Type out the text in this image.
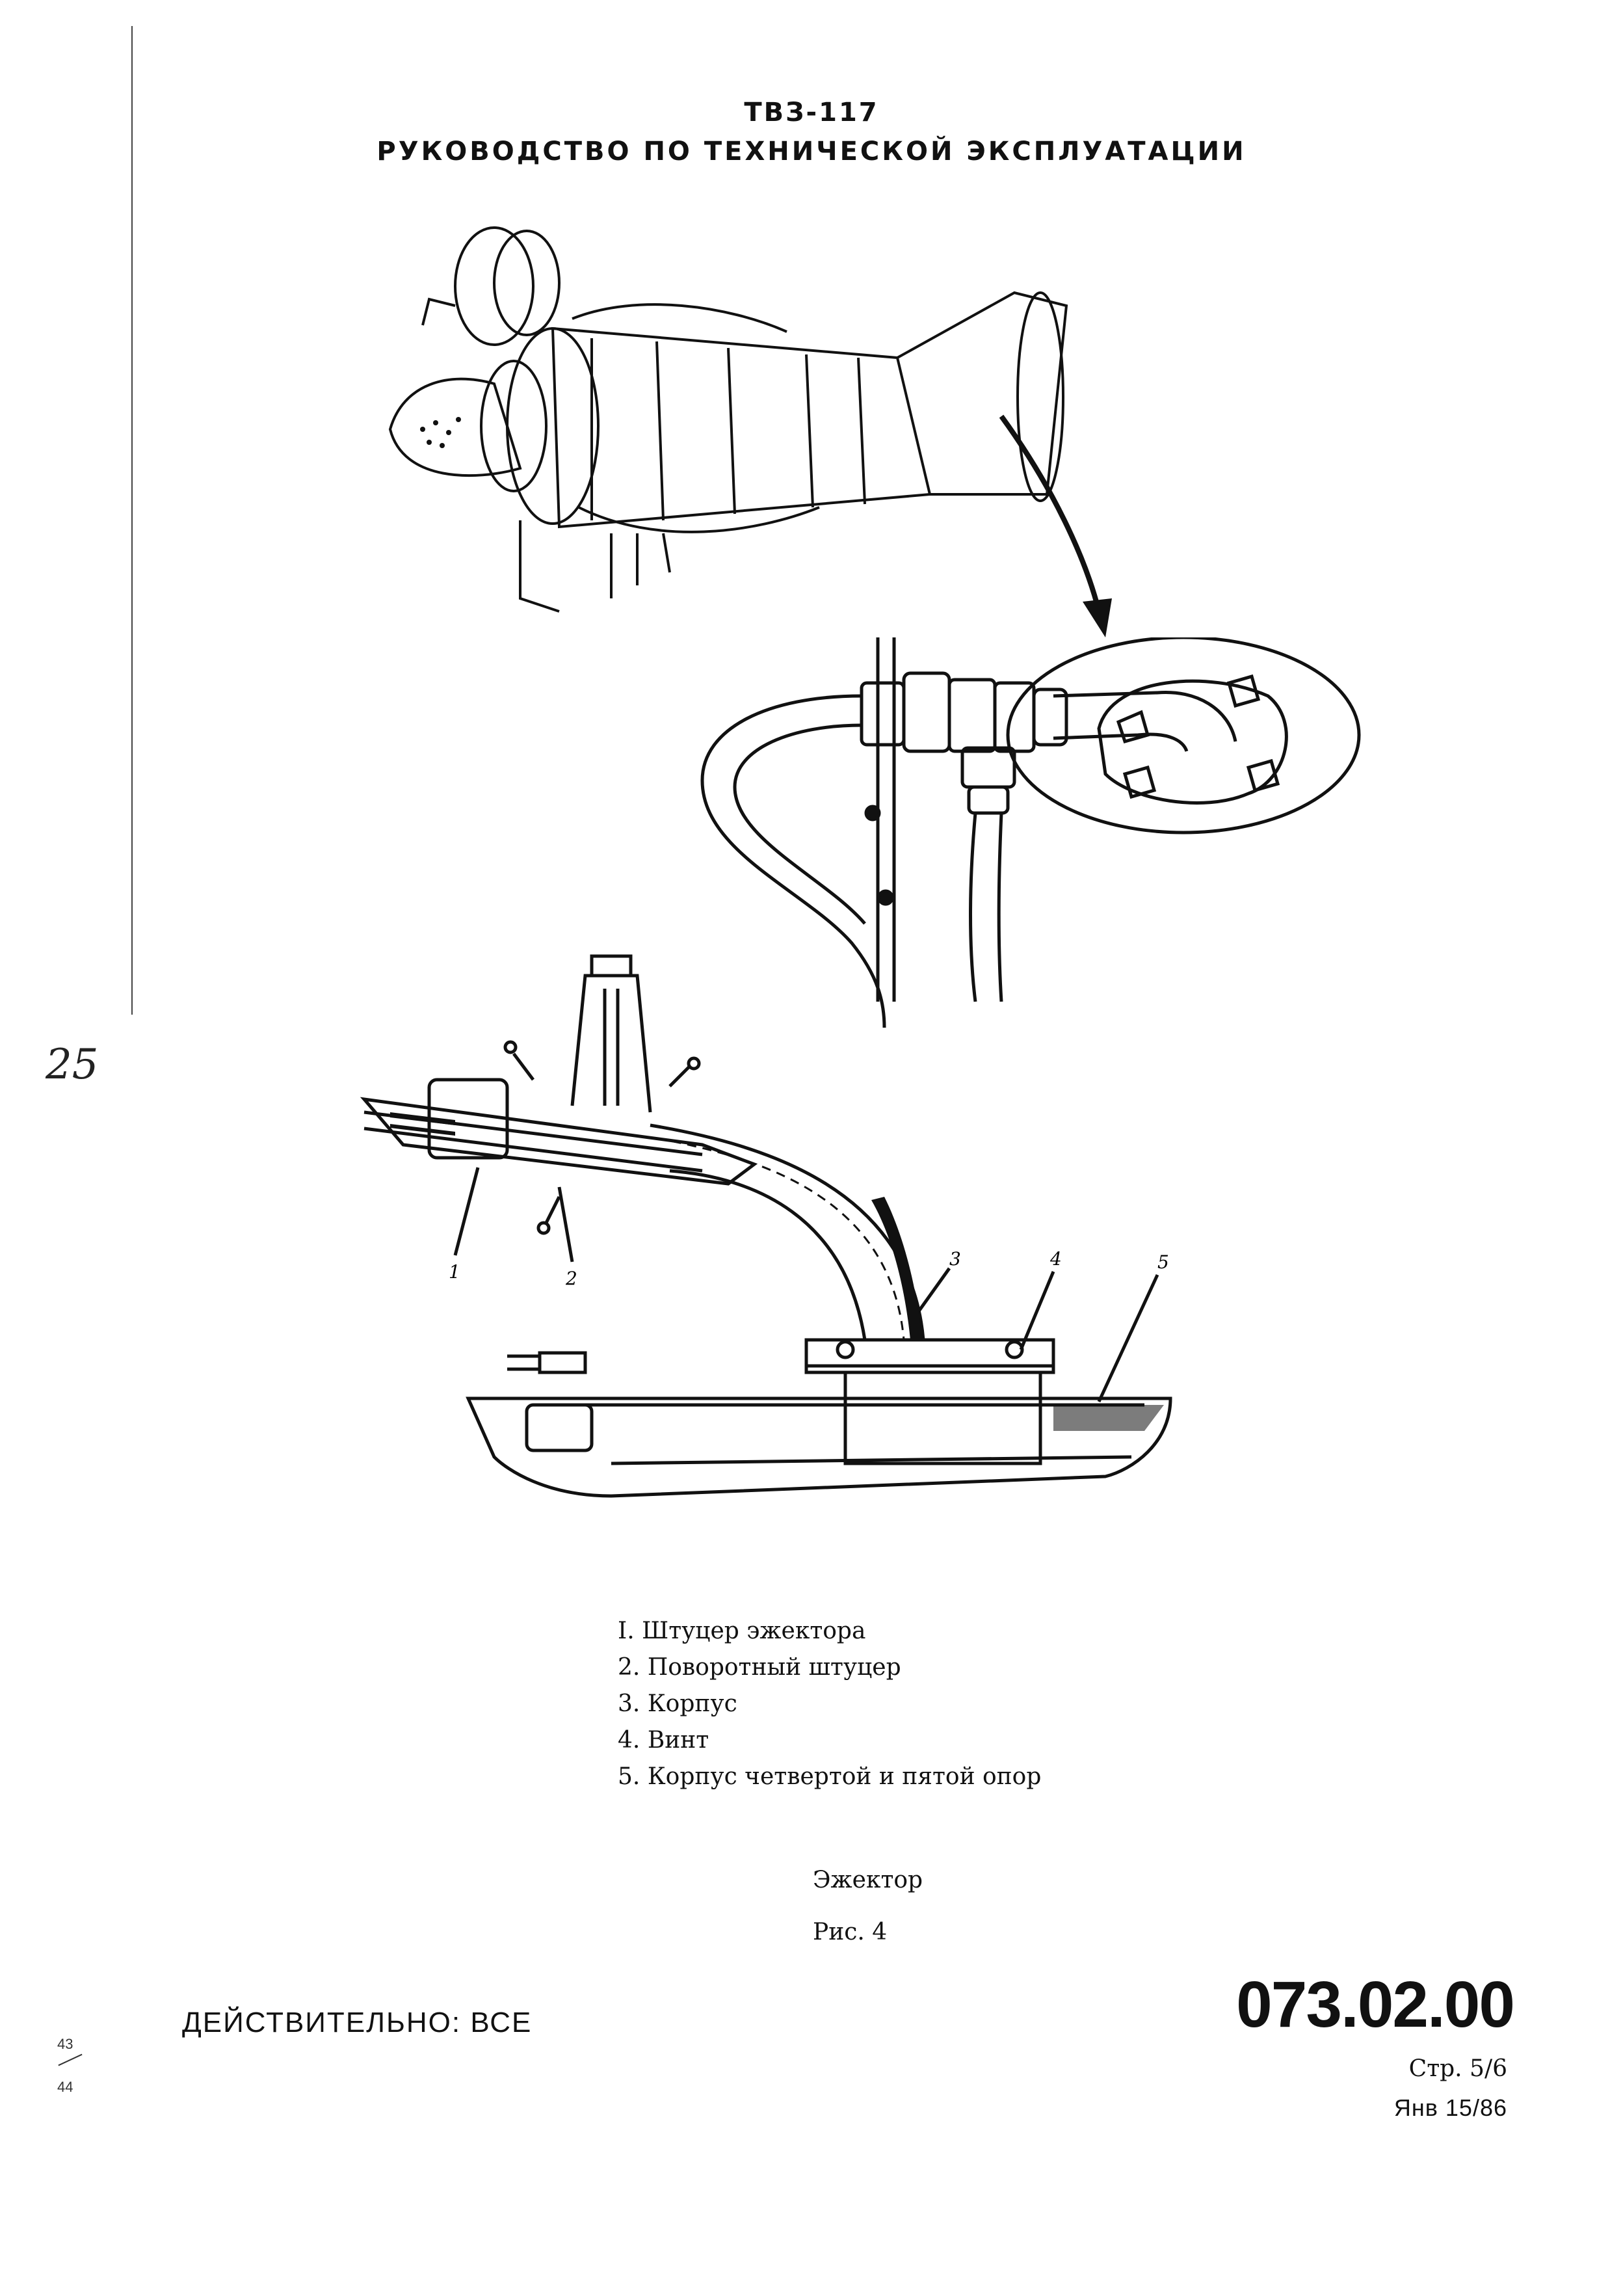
ТВЗ-117
РУКОВОДСТВО ПО ТЕХНИЧЕСКОЙ ЭКСПЛУАТАЦИИ
1	2
3	4	5
I. Штуцер эжектора
2. Поворотный штуцер
3. Корпус
4. Винт
5. Корпус четвертой и пятой опор
Эжектор
Рис. 4
ДЕЙСТВИТЕЛЬНО: ВСЕ	073.02.00
Стр. 5/6
Янв 15/86
25
43
44
